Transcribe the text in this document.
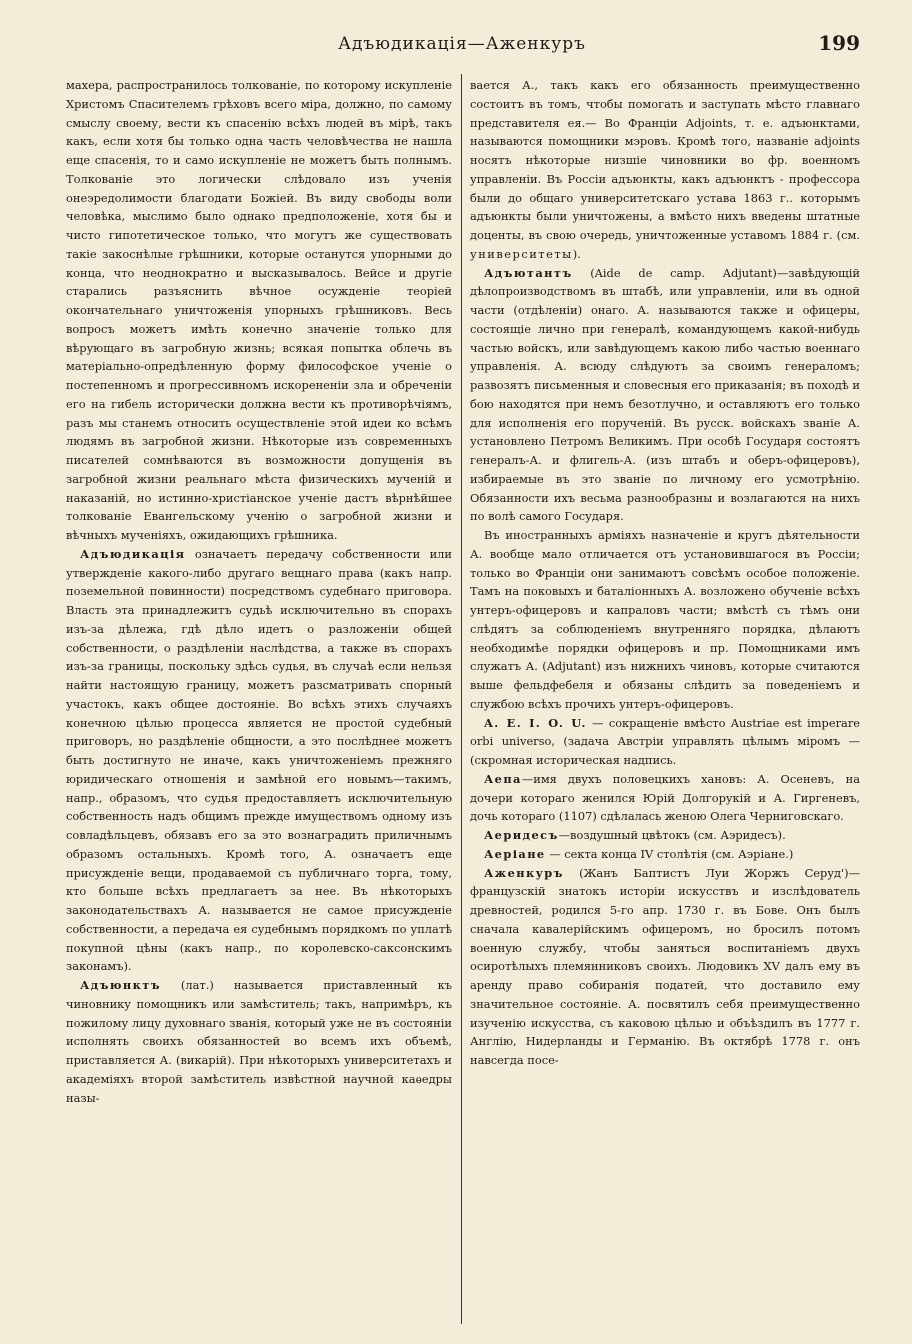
Адъюдикація—Аженкуръ	199

махера, распространилось толкованіе, по которому искупленіе Христомъ Спасителемъ грѣховъ всего міра, должно, по самому смыслу своему, вести къ спасенію всѣхъ людей въ мірѣ, такъ какъ, если хотя бы только одна часть человѣчества не нашла еще спасенія, то и само искупленіе не можетъ быть полнымъ. Толкованіе это логически слѣдовало изъ ученія онеэредолимости благодати Божіей. Въ виду свободы воли человѣка, мыслимо было однако предположеніе, хотя бы и чисто гипотетическое только, что могутъ же существовать такіе закоснѣлые грѣшники, которые останутся упорными до конца, что неоднократно и высказывалось. Вейсе и другіе старались разъяснить вѣчное осужденіе теоріей окончательнаго уничтоженія упорныхъ грѣшниковъ. Весь вопросъ можетъ имѣть конечно значеніе только для вѣрующаго въ загробную жизнь; всякая попытка облечь въ матеріально-опредѣленную форму философское ученіе о постепенномъ и прогрессивномъ искорененіи зла и обреченіи его на гибель исторически должна вести къ противорѣчіямъ, разъ мы станемъ относить осуществленіе этой идеи ко всѣмъ людямъ въ загробной жизни. Нѣкоторые изъ современныхъ писателей сомнѣваются въ возможности допущенія въ загробной жизни реальнаго мѣста физическихъ мученій и наказаній, но истинно-христіанское ученіе дастъ вѣрнѣйшее толкованіе Евангельскому ученію о загробной жизни и вѣчныхъ мученіяхъ, ожидающихъ грѣшника.

Адъюдикація означаетъ передачу собственности или утвержденіе какого-либо другаго вещнаго права (какъ напр. поземельной повинности) посредствомъ судебнаго приговора. Власть эта принадлежитъ судьѣ исключительно въ спорахъ изъ-за дѣлежа, гдѣ дѣло идетъ о разложеніи общей собственности, о раздѣленіи наслѣдства, а также въ спорахъ изъ-за границы, поскольку здѣсь судья, въ случаѣ если нельзя найти настоящую границу, можетъ разсматривать спорный участокъ, какъ общее достояніе. Во всѣхъ этихъ случаяхъ конечною цѣлью процесса является не простой судебный приговоръ, но раздѣленіе общности, а это послѣднее можетъ быть достигнуто не иначе, какъ уничтоженіемъ прежняго юридическаго отношенія и замѣной его новымъ—такимъ, напр., образомъ, что судья предоставляетъ исключительную собственность надъ общимъ прежде имуществомъ одному изъ совладѣльцевъ, обязавъ его за это вознаградить приличнымъ образомъ остальныхъ. Кромѣ того, А. означаетъ еще присужденіе вещи, продаваемой съ публичнаго торга, тому, кто больше всѣхъ предлагаетъ за нее. Въ нѣкоторыхъ законодательствахъ А. называется не самое присужденіе собственности, а передача ея судебнымъ порядкомъ по уплатѣ покупной цѣны (какъ напр., по королевско-саксонскимъ законамъ).

Адъюнктъ (лат.) называется приставленный къ чиновнику помощникъ или замѣститель; такъ, напримѣръ, къ пожилому лицу духовнаго званія, который уже не въ состояніи исполнять своихъ обязанностей во всемъ ихъ объемѣ, приставляется А. (викарій). При нѣкоторыхъ университетахъ и академіяхъ второй замѣститель извѣстной научной каѳедры назы-

вается А., такъ какъ его обязанность преимущественно состоитъ въ томъ, чтобы помогать и заступать мѣсто главнаго представителя ея.— Во Франціи Adjoints, т. е. адъюнктами, называются помощники мэровъ. Кромѣ того, названіе adjoints носятъ нѣкоторые низшіе чиновники во фр. военномъ управленіи. Въ Россіи адъюнкты, какъ адъюнктъ - профессора были до общаго университетскаго устава 1863 г.. которымъ адъюнкты были уничтожены, а вмѣсто нихъ введены штатные доценты, въ свою очередь, уничтоженные уставомъ 1884 г. (см. университеты).

Адъютантъ (Aide de camp. Adjutant)—завѣдующій дѣлопроизводствомъ въ штабѣ, или управленіи, или въ одной части (отдѣленіи) онаго. А. называются также и офицеры, состоящіе лично при генералѣ, командующемъ какой-нибудь частью войскъ, или завѣдующемъ какою либо частью военнаго управленія. А. всюду слѣдуютъ за своимъ генераломъ; развозятъ письменныя и словесныя его приказанія; въ походѣ и бою находятся при немъ безотлучно, и оставляютъ его только для исполненія его порученій. Въ русск. войскахъ званіе А. установлено Петромъ Великимъ. При особѣ Государя состоятъ генералъ-А. и флигель-А. (изъ штабъ и оберъ-офицеровъ), избираемые въ это званіе по личному его усмотрѣнію. Обязанности ихъ весьма разнообразны и возлагаются на нихъ по волѣ самого Государя.

Въ иностранныхъ арміяхъ назначеніе и кругъ дѣятельности А. вообще мало отличается отъ установившагося въ Россіи; только во Франціи они занимаютъ совсѣмъ особое положеніе. Тамъ на поковыхъ и баталіонныхъ А. возложено обученіе всѣхъ унтеръ-офицеровъ и капраловъ части; вмѣстѣ съ тѣмъ они слѣдятъ за соблюденіемъ внутренняго порядка, дѣлаютъ необходимѣе порядки офицеровъ и пр. Помощниками имъ служатъ А. (Adjutant) изъ нижнихъ чиновъ, которые считаются выше фельдфебеля и обязаны слѣдить за поведеніемъ и службою всѣхъ прочихъ унтеръ-офицеровъ.

A. E. I. O. U. — сокращеніе вмѣсто Austriae est imperare orbi universo, (задача Австріи управлять цѣлымъ міромъ — (скромная историческая надпись.

Аепа—имя двухъ половецкихъ хановъ: А. Осеневъ, на дочери котораго женился Юрій Долгорукій и А. Гиргеневъ, дочь котораго (1107) сдѣлалась женою Олега Черниговскаго.

Аеридесъ—воздушный цвѣтокъ (см. Аэридесъ).

Аеріане — секта конца IV столѣтія (см. Аэріане.)

Аженкуръ (Жанъ Баптистъ Луи Жоржъ Серуд')—французскій знатокъ исторіи искусствъ и изслѣдователь древностей, родился 5-го апр. 1730 г. въ Бове. Онъ былъ сначала кавалерійскимъ офицеромъ, но бросилъ потомъ военную службу, чтобы заняться воспитаніемъ двухъ осиротѣлыхъ племянниковъ своихъ. Людовикъ XV далъ ему въ аренду право собиранія податей, что доставило ему значительное состояніе. А. посвятилъ себя преимущественно изученію искусства, съ каковою цѣлью и объѣздилъ въ 1777 г. Англію, Нидерланды и Германію. Въ октябрѣ 1778 г. онъ навсегда посе-
